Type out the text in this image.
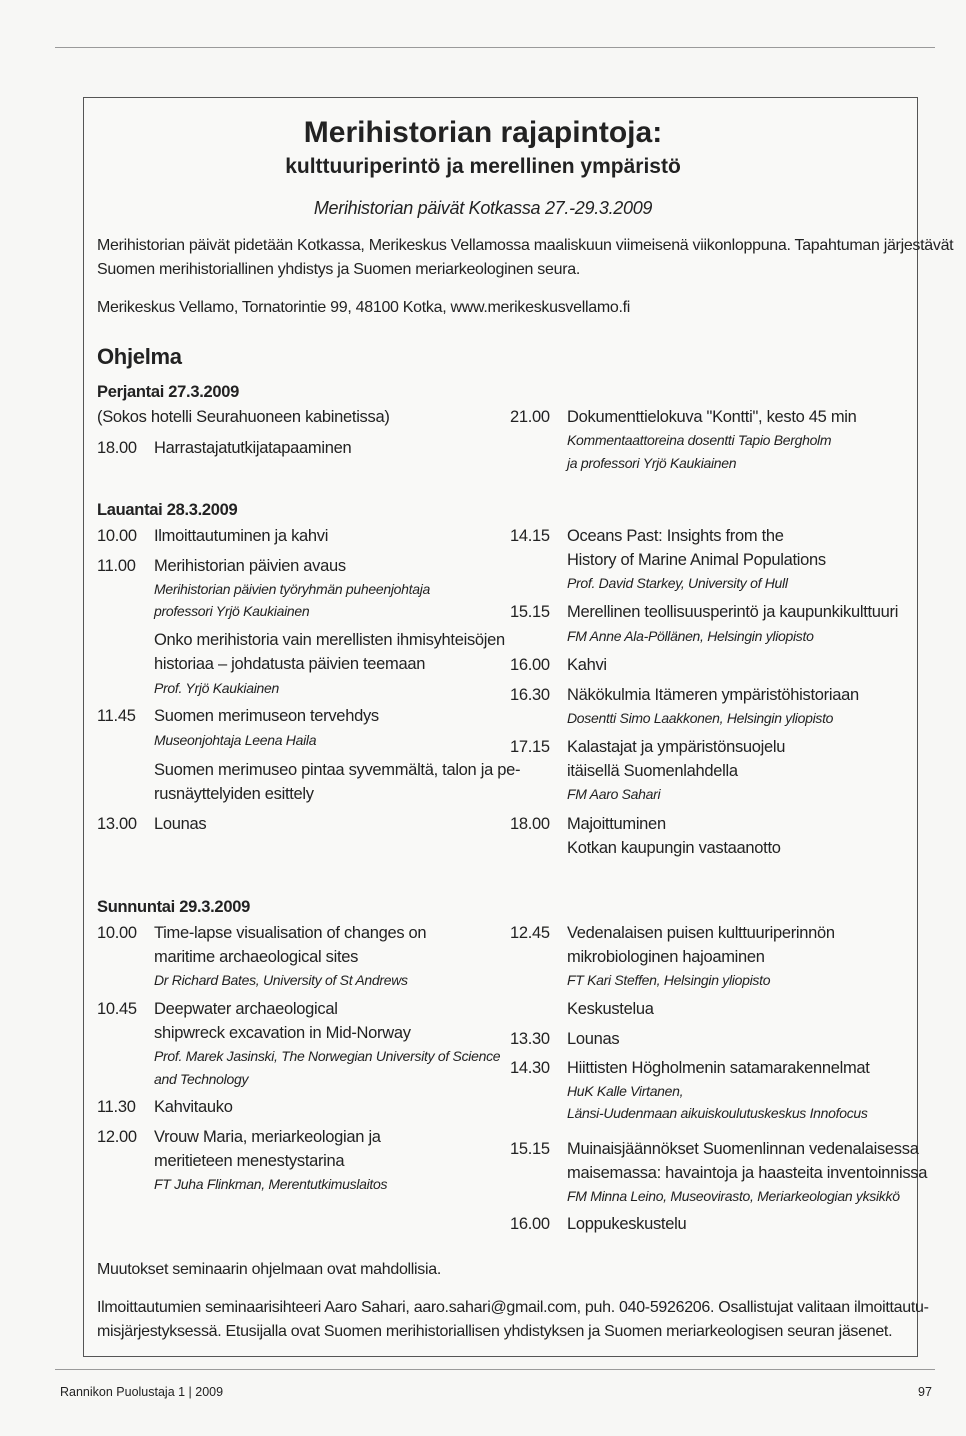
Merihistorian rajapintoja:
kulttuuriperintö ja merellinen ympäristö
Merihistorian päivät Kotkassa 27.-29.3.2009
Merihistorian päivät pidetään Kotkassa, Merikeskus Vellamossa maaliskuun viimeisenä viikonloppuna. Tapahtuman järjestävät
Suomen merihistoriallinen yhdistys ja Suomen meriarkeologinen seura.
Merikeskus Vellamo, Tornatorintie 99, 48100 Kotka, www.merikeskusvellamo.fi
Ohjelma
Perjantai 27.3.2009
(Sokos hotelli Seurahuoneen kabinetissa)
18.00 Harrastajatutkijatapaaminen
21.00 Dokumenttielokuva "Kontti", kesto 45 min
Kommentaattoreina dosentti Tapio Bergholm
ja professori Yrjö Kaukiainen
Lauantai 28.3.2009
10.00 Ilmoittautuminen ja kahvi
11.00 Merihistorian päivien avaus
Merihistorian päivien työryhmän puheenjohtaja
professori Yrjö Kaukiainen
Onko merihistoria vain merellisten ihmisyhteisöjen
historiaa – johdatusta päivien teemaan
Prof. Yrjö Kaukiainen
11.45 Suomen merimuseon tervehdys
Museonjohtaja Leena Haila
Suomen merimuseo pintaa syvemmältä, talon ja pe-
rusnäyttelyiden esittely
13.00 Lounas
14.15 Oceans Past: Insights from the
History of Marine Animal Populations
Prof. David Starkey, University of Hull
15.15 Merellinen teollisuusperintö ja kaupunkikulttuuri
FM Anne Ala-Pöllänen, Helsingin yliopisto
16.00 Kahvi
16.30 Näkökulmia Itämeren ympäristöhistoriaan
Dosentti Simo Laakkonen, Helsingin yliopisto
17.15 Kalastajat ja ympäristönsuojelu
itäisellä Suomenlahdella
FM Aaro Sahari
18.00 Majoittuminen
Kotkan kaupungin vastaanotto
Sunnuntai 29.3.2009
10.00 Time-lapse visualisation of changes on
maritime archaeological sites
Dr Richard Bates, University of St Andrews
10.45 Deepwater archaeological
shipwreck excavation in Mid-Norway
Prof. Marek Jasinski, The Norwegian University of Science
and Technology
11.30 Kahvitauko
12.00 Vrouw Maria, meriarkeologian ja
meritieteen menestystarina
FT Juha Flinkman, Merentutkimuslaitos
12.45 Vedenalaisen puisen kulttuuriperinnön
mikrobiologinen hajoaminen
FT Kari Steffen, Helsingin yliopisto
Keskustelua
13.30 Lounas
14.30 Hiittisten Högholmenin satamarakennelmat
HuK Kalle Virtanen,
Länsi-Uudenmaan aikuiskoulutuskeskus Innofocus
15.15 Muinaisjäännökset Suomenlinnan vedenalaisessa
maisemassa: havaintoja ja haasteita inventoinnissa
FM Minna Leino, Museovirasto, Meriarkeologian yksikkö
16.00 Loppukeskustelu
Muutokset seminaarin ohjelmaan ovat mahdollisia.
Ilmoittautumien seminaarisihteeri Aaro Sahari, aaro.sahari@gmail.com, puh. 040-5926206. Osallistujat valitaan ilmoittautu-
misjärjestyksessä. Etusijalla ovat Suomen merihistoriallisen yhdistyksen ja Suomen meriarkeologisen seuran jäsenet.
Rannikon Puolustaja 1 | 2009	97
